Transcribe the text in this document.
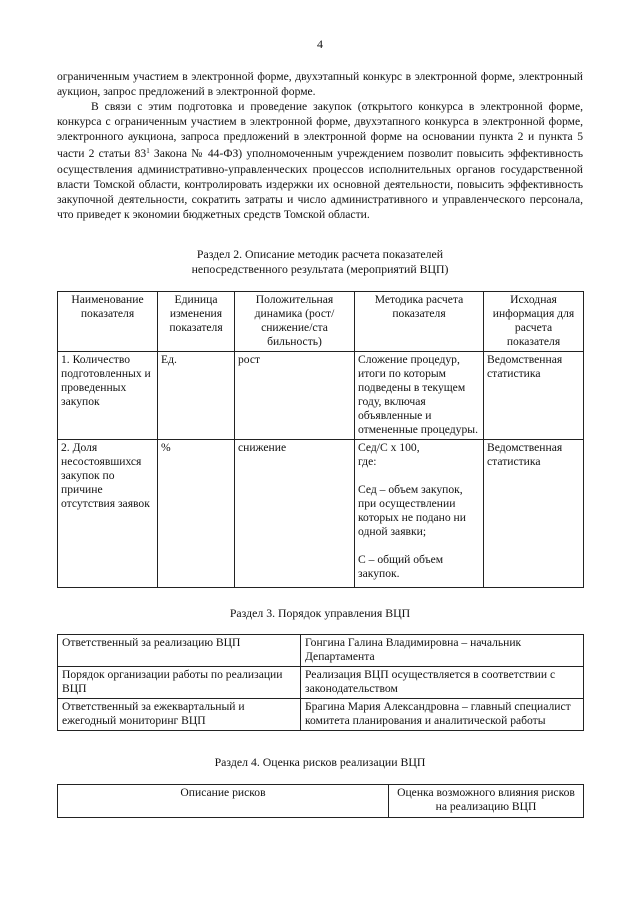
4

ограниченным участием в электронной форме, двухэтапный конкурс в электронной форме, электронный аукцион, запрос предложений в электронной форме.

В связи с этим подготовка и проведение закупок (открытого конкурса в электронной форме, конкурса с ограниченным участием в электронной форме, двухэтапного конкурса в электронной форме, электронного аукциона, запроса предложений в электронной форме на основании пункта 2 и пункта 5 части 2 статьи $83^1$ Закона № 44-ФЗ) уполномоченным учреждением позволит повысить эффективность осуществления административно-управленческих процессов исполнительных органов государственной власти Томской области, контролировать издержки их основной деятельности, повысить эффективность закупочной деятельности, сократить затраты и число административного и управленческого персонала, что приведет к экономии бюджетных средств Томской области.

Раздел 2. Описание методик расчета показателей
непосредственного результата (мероприятий ВЦП)
Наименование показателя	Единица изменения показателя	Положительная динамика (рост/снижение/ста бильность)	Методика расчета показателя	Исходная информация для расчета показателя
1. Количество подготовленных и проведенных закупок	Ед.	рост	Сложение процедур, итоги по которым подведены в текущем году, включая объявленные и отмененные процедуры.	Ведомственная статистика
2. Доля несостоявшихся закупок по причине отсутствия заявок	%	снижение	Сед/С х 100,
где:

Сед – объем закупок, при осуществлении которых не подано ни одной заявки;

С – общий объем закупок.	Ведомственная статистика
Раздел 3. Порядок управления ВЦП
Ответственный за реализацию ВЦП	Гонгина Галина Владимировна – начальник Департамента
Порядок организации работы по реализации ВЦП	Реализация ВЦП осуществляется в соответствии с законодательством
Ответственный за ежеквартальный и ежегодный мониторинг ВЦП	Брагина Мария Александровна – главный специалист комитета планирования и аналитической работы
Раздел 4. Оценка рисков реализации ВЦП
Описание рисков	Оценка возможного влияния рисков на реализацию ВЦП
